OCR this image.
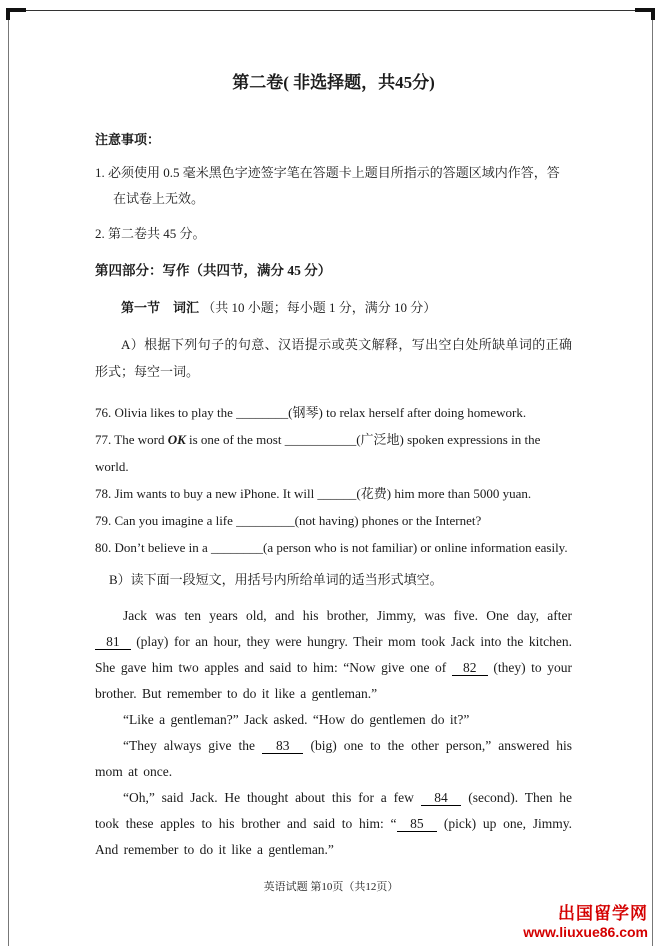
第二卷( 非选择题，共45分)
注意事项：
1. 必须使用 0.5 毫米黑色字迹签字笔在答题卡上题目所指示的答题区域内作答，答在试卷上无效。
2. 第二卷共 45 分。
第四部分：写作（共四节，满分 45 分）
第一节　词汇 （共 10 小题；每小题 1 分，满分 10 分）

A）根据下列句子的句意、汉语提示或英文解释，写出空白处所缺单词的正确形式；每空一词。

76. Olivia likes to play the ________(钢琴) to relax herself after doing homework.
77. The word OK is one of the most ___________(广泛地) spoken expressions in the world.
78. Jim wants to buy a new iPhone. It will ______(花费) him more than 5000 yuan.
79. Can you imagine a life _________(not having) phones or the Internet?
80. Don’t believe in a ________(a person who is not familiar) or online information easily.

B）读下面一段短文，用括号内所给单词的适当形式填空。

Jack was ten years old, and his brother, Jimmy, was five. One day, after   81   (play) for an hour, they were hungry. Their mom took Jack into the kitchen. She gave him two apples and said to him: “Now give one of   82   (they) to your brother. But remember to do it like a gentleman.”

“Like a gentleman?” Jack asked. “How do gentlemen do it?”

“They always give the   83   (big) one to the other person,” answered his mom at once.

“Oh,” said Jack. He thought about this for a few   84   (second). Then he took these apples to his brother and said to him: “  85   (pick) up one, Jimmy. And remember to do it like a gentleman.”

英语试题 第10页（共12页）
出国留学网
www.liuxue86.com
